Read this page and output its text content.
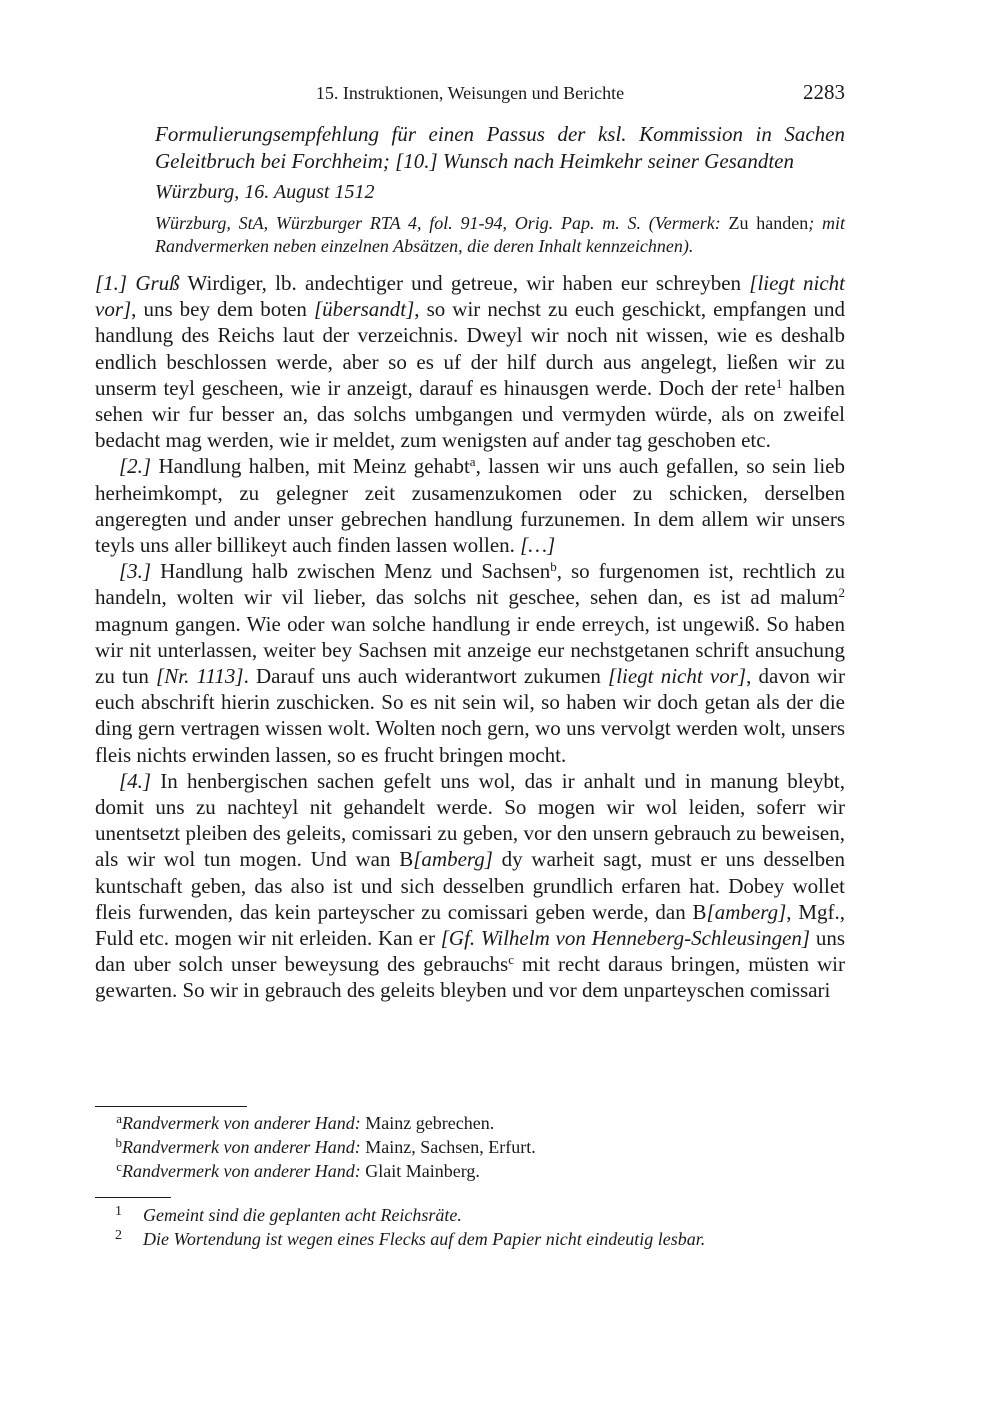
15. Instruktionen, Weisungen und Berichte	2283
Formulierungsempfehlung für einen Passus der ksl. Kommission in Sachen Geleitbruch bei Forchheim; [10.] Wunsch nach Heimkehr seiner Gesandten
Würzburg, 16. August 1512
Würzburg, StA, Würzburger RTA 4, fol. 91-94, Orig. Pap. m. S. (Vermerk: Zu handen; mit Randvermerken neben einzelnen Absätzen, die deren Inhalt kennzeichnen).

[1.] Gruß Wirdiger, lb. andechtiger und getreue, wir haben eur schreyben [liegt nicht vor], uns bey dem boten [übersandt], so wir nechst zu euch geschickt, empfangen und handlung des Reichs laut der verzeichnis. Dweyl wir noch nit wissen, wie es deshalb endlich beschlossen werde, aber so es uf der hilf durch aus angelegt, ließen wir zu unserm teyl gescheen, wie ir anzeigt, darauf es hinausgen werde. Doch der rete$^1$ halben sehen wir fur besser an, das solchs umbgangen und vermyden würde, als on zweifel bedacht mag werden, wie ir meldet, zum wenigsten auf ander tag geschoben etc.

[2.] Handlung halben, mit Meinz gehabt$^a$, lassen wir uns auch gefallen, so sein lieb herheimkompt, zu gelegner zeit zusamenzukomen oder zu schicken, derselben angeregten und ander unser gebrechen handlung furzunemen. In dem allem wir unsers teyls uns aller billikeyt auch finden lassen wollen. […]

[3.] Handlung halb zwischen Menz und Sachsen$^b$, so furgenomen ist, rechtlich zu handeln, wolten wir vil lieber, das solchs nit geschee, sehen dan, es ist ad malum$^2$ magnum gangen. Wie oder wan solche handlung ir ende erreych, ist ungewiß. So haben wir nit unterlassen, weiter bey Sachsen mit anzeige eur nechstgetanen schrift ansuchung zu tun [Nr. 1113]. Darauf uns auch widerantwort zukumen [liegt nicht vor], davon wir euch abschrift hierin zuschicken. So es nit sein wil, so haben wir doch getan als der die ding gern vertragen wissen wolt. Wolten noch gern, wo uns vervolgt werden wolt, unsers fleis nichts erwinden lassen, so es frucht bringen mocht.

[4.] In henbergischen sachen gefelt uns wol, das ir anhalt und in manung bleybt, domit uns zu nachteyl nit gehandelt werde. So mogen wir wol leiden, soferr wir unentsetzt pleiben des geleits, comissari zu geben, vor den unsern gebrauch zu beweisen, als wir wol tun mogen. Und wan B[amberg] dy warheit sagt, must er uns desselben kuntschaft geben, das also ist und sich desselben grundlich erfaren hat. Dobey wollet fleis furwenden, das kein parteyscher zu comissari geben werde, dan B[amberg], Mgf., Fuld etc. mogen wir nit erleiden. Kan er [Gf. Wilhelm von Henneberg-Schleusingen] uns dan uber solch unser beweysung des gebrauchs$^c$ mit recht daraus bringen, müsten wir gewarten. So wir in gebrauch des geleits bleyben und vor dem unparteyschen comissari

a Randvermerk von anderer Hand: Mainz gebrechen.
b Randvermerk von anderer Hand: Mainz, Sachsen, Erfurt.
c Randvermerk von anderer Hand: Glait Mainberg.
1 Gemeint sind die geplanten acht Reichsräte.
2 Die Wortendung ist wegen eines Flecks auf dem Papier nicht eindeutig lesbar.
